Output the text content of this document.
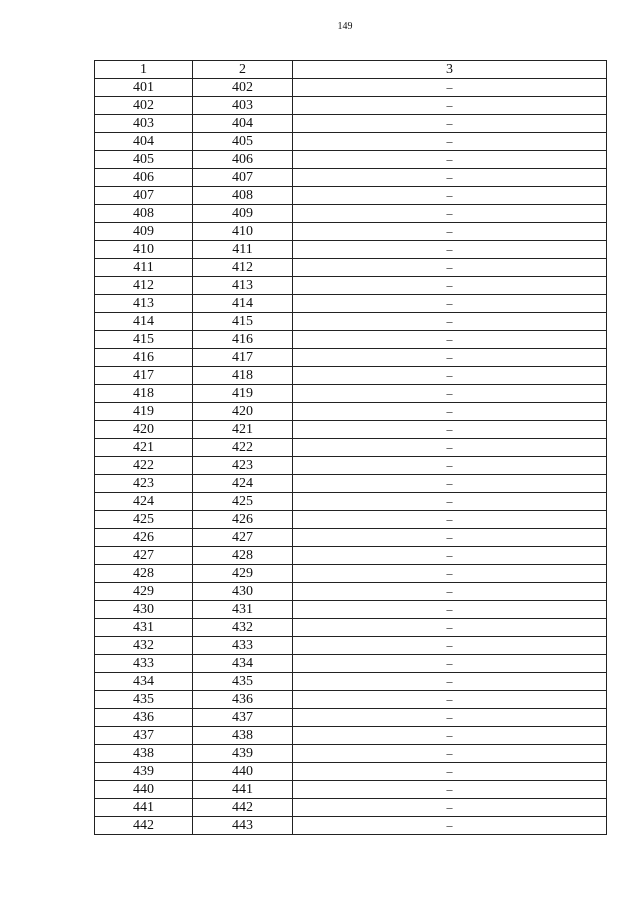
149
1	2	3
401	402	–
402	403	–
403	404	–
404	405	–
405	406	–
406	407	–
407	408	–
408	409	–
409	410	–
410	411	–
411	412	–
412	413	–
413	414	–
414	415	–
415	416	–
416	417	–
417	418	–
418	419	–
419	420	–
420	421	–
421	422	–
422	423	–
423	424	–
424	425	–
425	426	–
426	427	–
427	428	–
428	429	–
429	430	–
430	431	–
431	432	–
432	433	–
433	434	–
434	435	–
435	436	–
436	437	–
437	438	–
438	439	–
439	440	–
440	441	–
441	442	–
442	443	–
